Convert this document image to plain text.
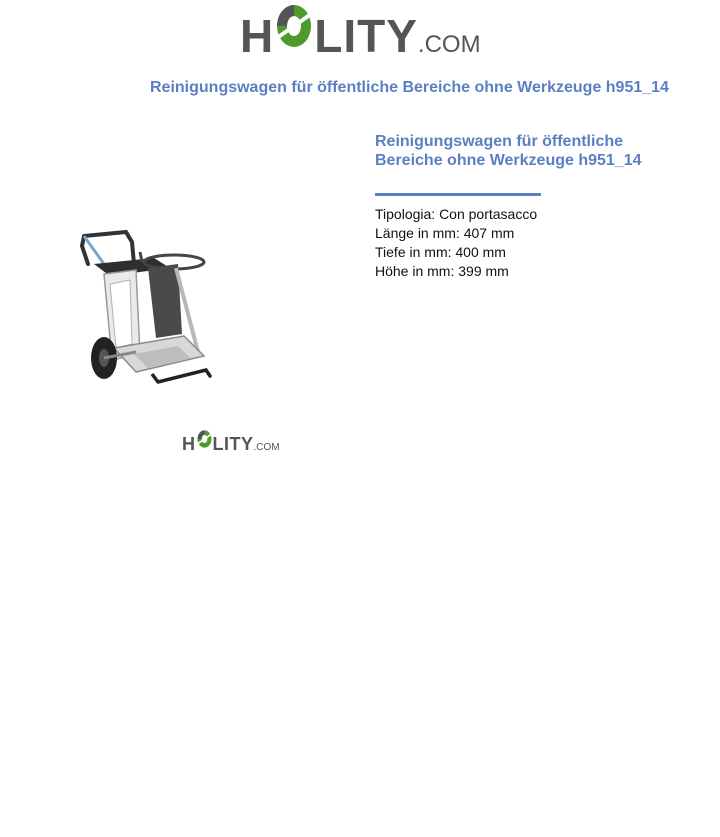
H LITY .COM
Reinigungswagen für öffentliche Bereiche ohne Werkzeuge h951_14
H LITY .COM
Reinigungswagen für öffentliche Bereiche ohne Werkzeuge h951_14
Tipologia: Con portasacco
Länge in mm: 407 mm
Tiefe in mm: 400 mm
Höhe in mm: 399 mm
